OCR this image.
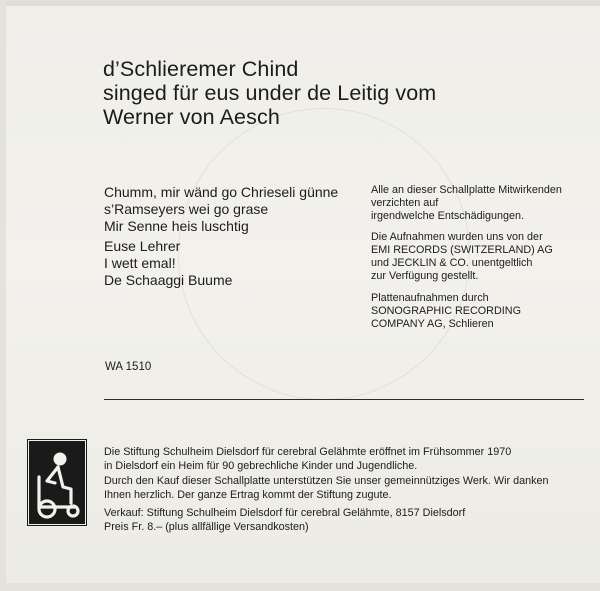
d’Schlieremer Chind
singed für eus under de Leitig vom
Werner von Aesch
Chumm, mir wänd go Chrieseli günne
s’Ramseyers wei go grase
Mir Senne heis luschtig
Euse Lehrer
I wett emal!
De Schaaggi Buume
Alle an dieser Schallplatte Mitwirkenden
verzichten auf
irgendwelche Entschädigungen.
Die Aufnahmen wurden uns von der
EMI RECORDS (SWITZERLAND) AG
und JECKLIN & CO. unentgeltlich
zur Verfügung gestellt.
Plattenaufnahmen durch
SONOGRAPHIC RECORDING
COMPANY AG, Schlieren
WA 1510
Die Stiftung Schulheim Dielsdorf für cerebral Gelähmte eröffnet im Frühsommer 1970
in Dielsdorf ein Heim für 90 gebrechliche Kinder und Jugendliche.
Durch den Kauf dieser Schallplatte unterstützen Sie unser gemeinnütziges Werk. Wir danken
Ihnen herzlich. Der ganze Ertrag kommt der Stiftung zugute.
Verkauf: Stiftung Schulheim Dielsdorf für cerebral Gelähmte, 8157 Dielsdorf
Preis Fr. 8.– (plus allfällige Versandkosten)
